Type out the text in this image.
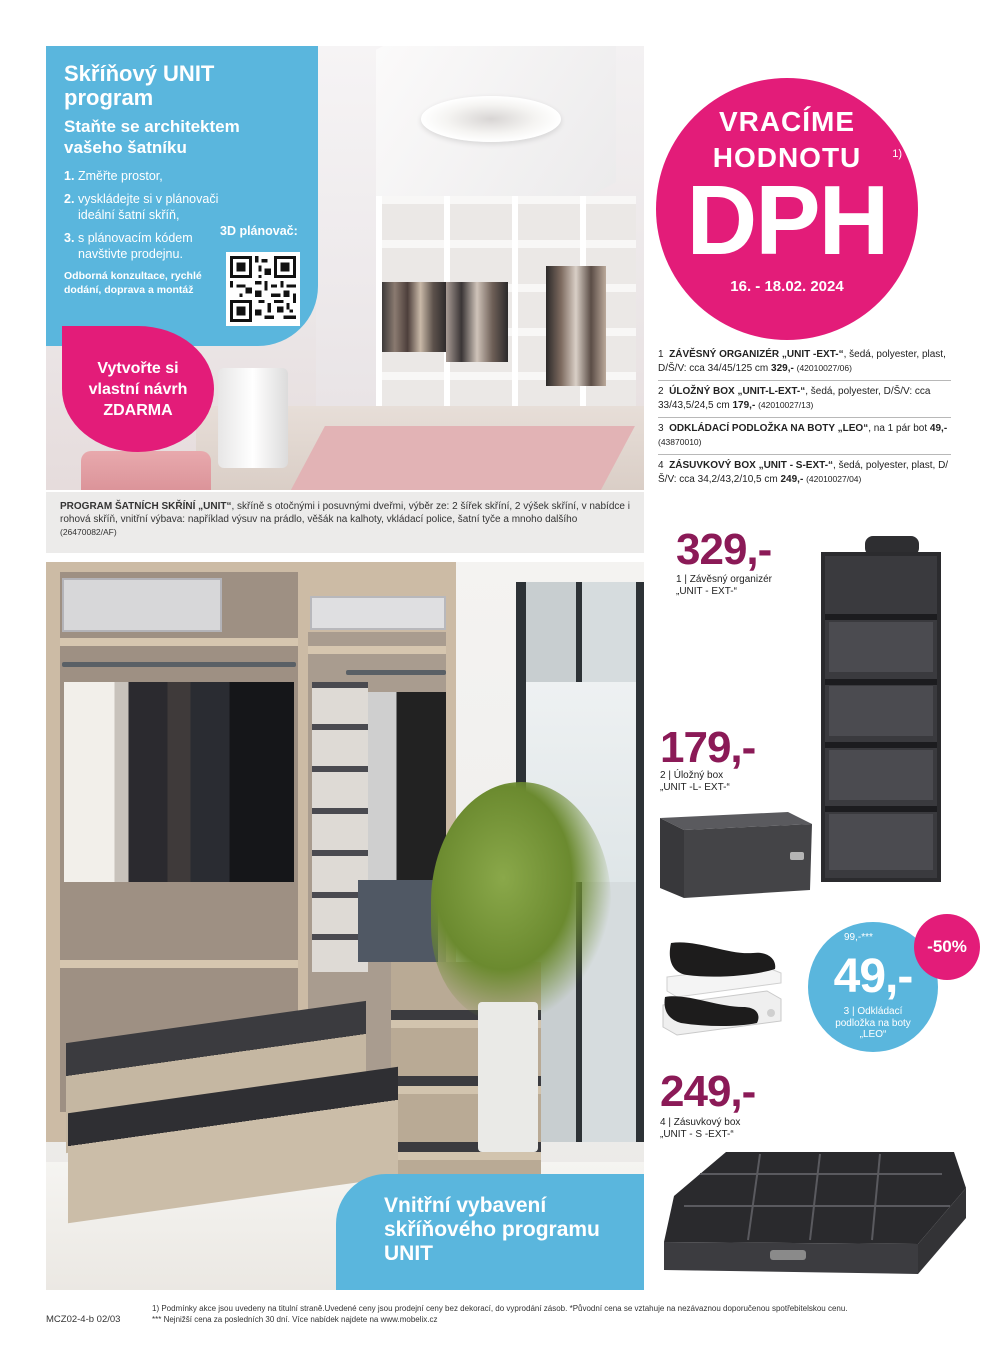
Skříňový UNIT
program
Staňte se architektem
vašeho šatníku
1. Změřte prostor,
2. vyskládejte si v plánovači ideální šatní skříň,
3. s plánovacím kódem navštivte prodejnu.

Odborná konzultace, rychlé dodání, doprava a montáž

3D plánovač:
Vytvořte si
vlastní návrh
ZDARMA
PROGRAM ŠATNÍCH SKŘÍNÍ „UNIT“, skříně s otočnými i posuvnými dveřmi, výběr ze: 2 šířek skříní, 2 výšek skříní, v nabídce i rohová skříň, vnitřní výbava: například výsuv na prádlo, věšák na kalhoty, vkládací police, šatní tyče a mnoho dalšího (26470082/AF)
VRACÍME
HODNOTU	1)
DPH
16. - 18.02. 2024
1 ZÁVĚSNÝ ORGANIZÉR „UNIT -EXT-“, šedá, polyester, plast, D/Š/V: cca 34/45/125 cm 329,- (42010027/06)
2 ÚLOŽNÝ BOX „UNIT-L-EXT-“, šedá, polyester, D/Š/V: cca 33/43,5/24,5 cm 179,- (42010027/13)
3 ODKLÁDACÍ PODLOŽKA NA BOTY „LEO“, na 1 pár bot 49,- (43870010)
4 ZÁSUVKOVÝ BOX „UNIT - S-EXT-“, šedá, polyester, plast, D/Š/V: cca 34,2/43,2/10,5 cm 249,- (42010027/04)
329,-
1 | Závěsný organizér
„UNIT - EXT-“
179,-
2 | Úložný box
„UNIT -L- EXT-“
99,-***
49,-
3 | Odkládací
podložka na boty
„LEO“
-50%
249,-
4 | Zásuvkový box
„UNIT - S -EXT-“
Vnitřní vybavení
skříňového programu
UNIT
MCZ02-4-b 02/03
1) Podmínky akce jsou uvedeny na titulní straně.Uvedené ceny jsou prodejní ceny bez dekorací, do vyprodání zásob. *Původní cena se vztahuje na nezávaznou doporučenou spotřebitelskou cenu.
*** Nejnižší cena za posledních 30 dní. Více nabídek najdete na www.mobelix.cz
